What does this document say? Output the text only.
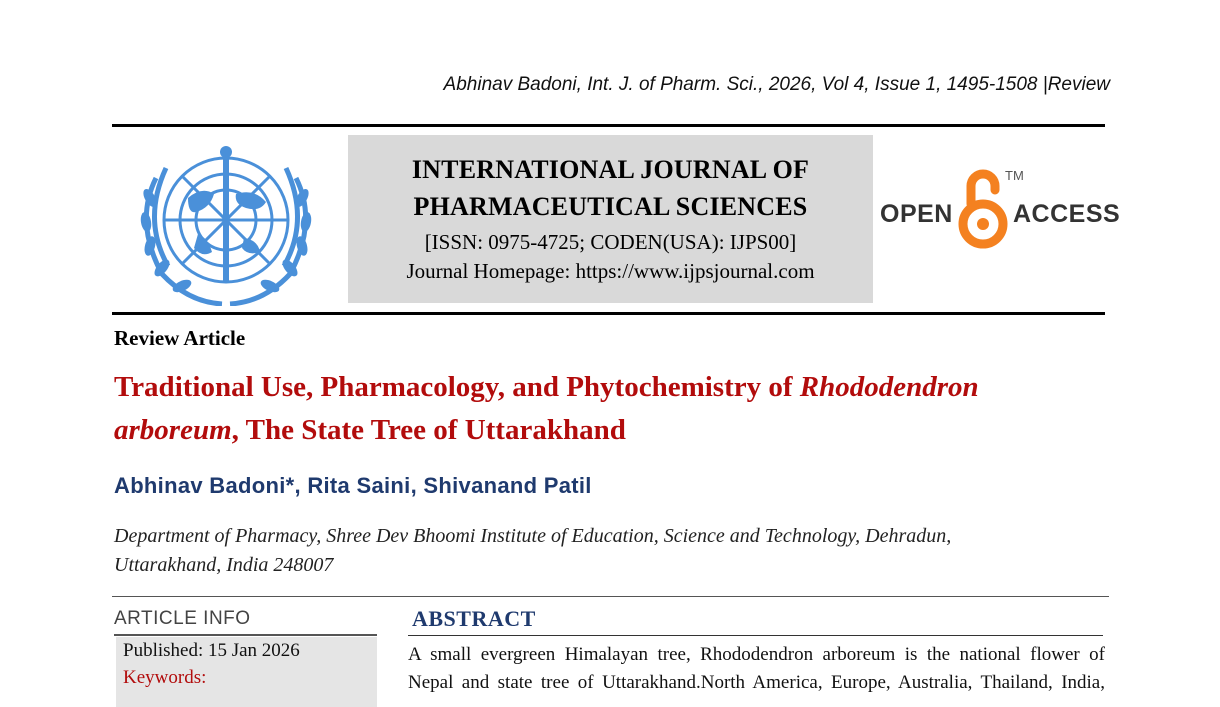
Abhinav Badoni, Int. J. of Pharm. Sci., 2026, Vol 4, Issue 1, 1495-1508 |Review
INTERNATIONAL JOURNAL OF
PHARMACEUTICAL SCIENCES
[ISSN: 0975-4725; CODEN(USA): IJPS00]
Journal Homepage: https://www.ijpsjournal.com
OPEN
TM
ACCESS
Review Article
Traditional Use, Pharmacology, and Phytochemistry of Rhododendron
arboreum, The State Tree of Uttarakhand
Abhinav Badoni*, Rita Saini, Shivanand Patil
Department of Pharmacy, Shree Dev Bhoomi Institute of Education, Science and Technology, Dehradun,
Uttarakhand, India 248007
ARTICLE INFO
Published: 15 Jan 2026
Keywords:
ABSTRACT
A small evergreen Himalayan tree, Rhododendron arboreum is the national flower of
Nepal and state tree of Uttarakhand.North America, Europe, Australia, Thailand, India,
